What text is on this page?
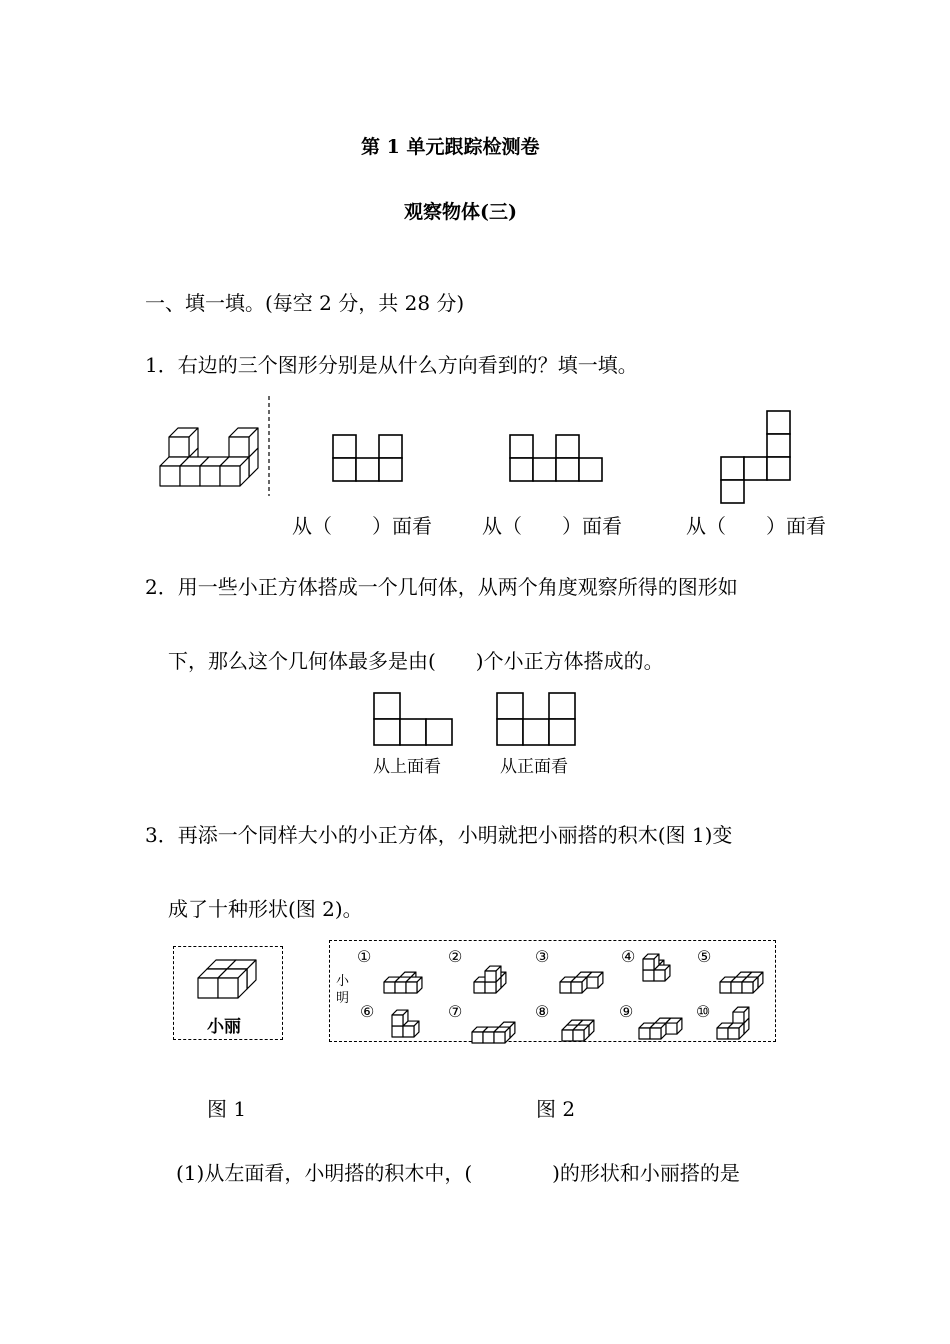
第 1 单元跟踪检测卷
观察物体(三)
一、填一填。(每空 2 分，共 28 分)
1．右边的三个图形分别是从什么方向看到的？填一填。
从（　　）面看	从（　　）面看	从（　　）面看
2．用一些小正方体搭成一个几何体，从两个角度观察所得的图形如
下，那么这个几何体最多是由(　　)个小正方体搭成的。
从上面看	从正面看
3．再添一个同样大小的小正方体，小明就把小丽搭的积木(图 1)变
成了十种形状(图 2)。
小丽
小明
①	②	③	④	⑤
⑥	⑦	⑧	⑨	⑩
图 1	图 2
(1)从左面看，小明搭的积木中，(　　　　)的形状和小丽搭的是
